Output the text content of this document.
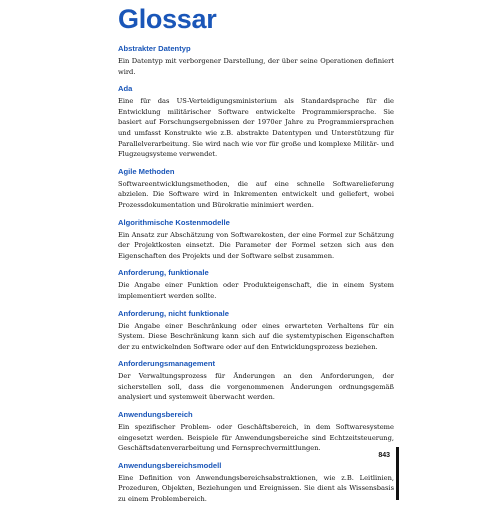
Glossar
Abstrakter Datentyp

Ein Datentyp mit verborgener Darstellung, der über seine Operationen definiert wird.

Ada

Eine für das US-Verteidigungsministerium als Standardsprache für die Entwicklung militärischer Software entwickelte Programmiersprache. Sie basiert auf Forschungsergebnissen der 1970er Jahre zu Programmiersprachen und umfasst Konstrukte wie z.B. abstrakte Datentypen und Unterstützung für Parallelverarbeitung. Sie wird nach wie vor für große und komplexe Militär- und Flugzeugsysteme verwendet.

Agile Methoden

Softwareentwicklungsmethoden, die auf eine schnelle Softwarelieferung abzielen. Die Software wird in Inkrementen entwickelt und geliefert, wobei Prozessdokumentation und Bürokratie minimiert werden.

Algorithmische Kostenmodelle

Ein Ansatz zur Abschätzung von Softwarekosten, der eine Formel zur Schätzung der Projektkosten einsetzt. Die Parameter der Formel setzen sich aus den Eigenschaften des Projekts und der Software selbst zusammen.

Anforderung, funktionale

Die Angabe einer Funktion oder Produkteigenschaft, die in einem System implementiert werden sollte.

Anforderung, nicht funktionale

Die Angabe einer Beschränkung oder eines erwarteten Verhaltens für ein System. Diese Beschränkung kann sich auf die systemtypischen Eigenschaften der zu entwickelnden Software oder auf den Entwicklungsprozess beziehen.

Anforderungsmanagement

Der Verwaltungsprozess für Änderungen an den Anforderungen, der sicherstellen soll, dass die vorgenommenen Änderungen ordnungsgemäß analysiert und systemweit überwacht werden.

Anwendungsbereich

Ein spezifischer Problem- oder Geschäftsbereich, in dem Softwaresysteme eingesetzt werden. Beispiele für Anwendungsbereiche sind Echtzeitsteuerung, Geschäftsdatenverarbeitung und Fernsprechvermittlungen.

Anwendungsbereichsmodell

Eine Definition von Anwendungsbereichsabstraktionen, wie z.B. Leitlinien, Prozeduren, Objekten, Beziehungen und Ereignissen. Sie dient als Wissensbasis zu einem Problembereich.

843
